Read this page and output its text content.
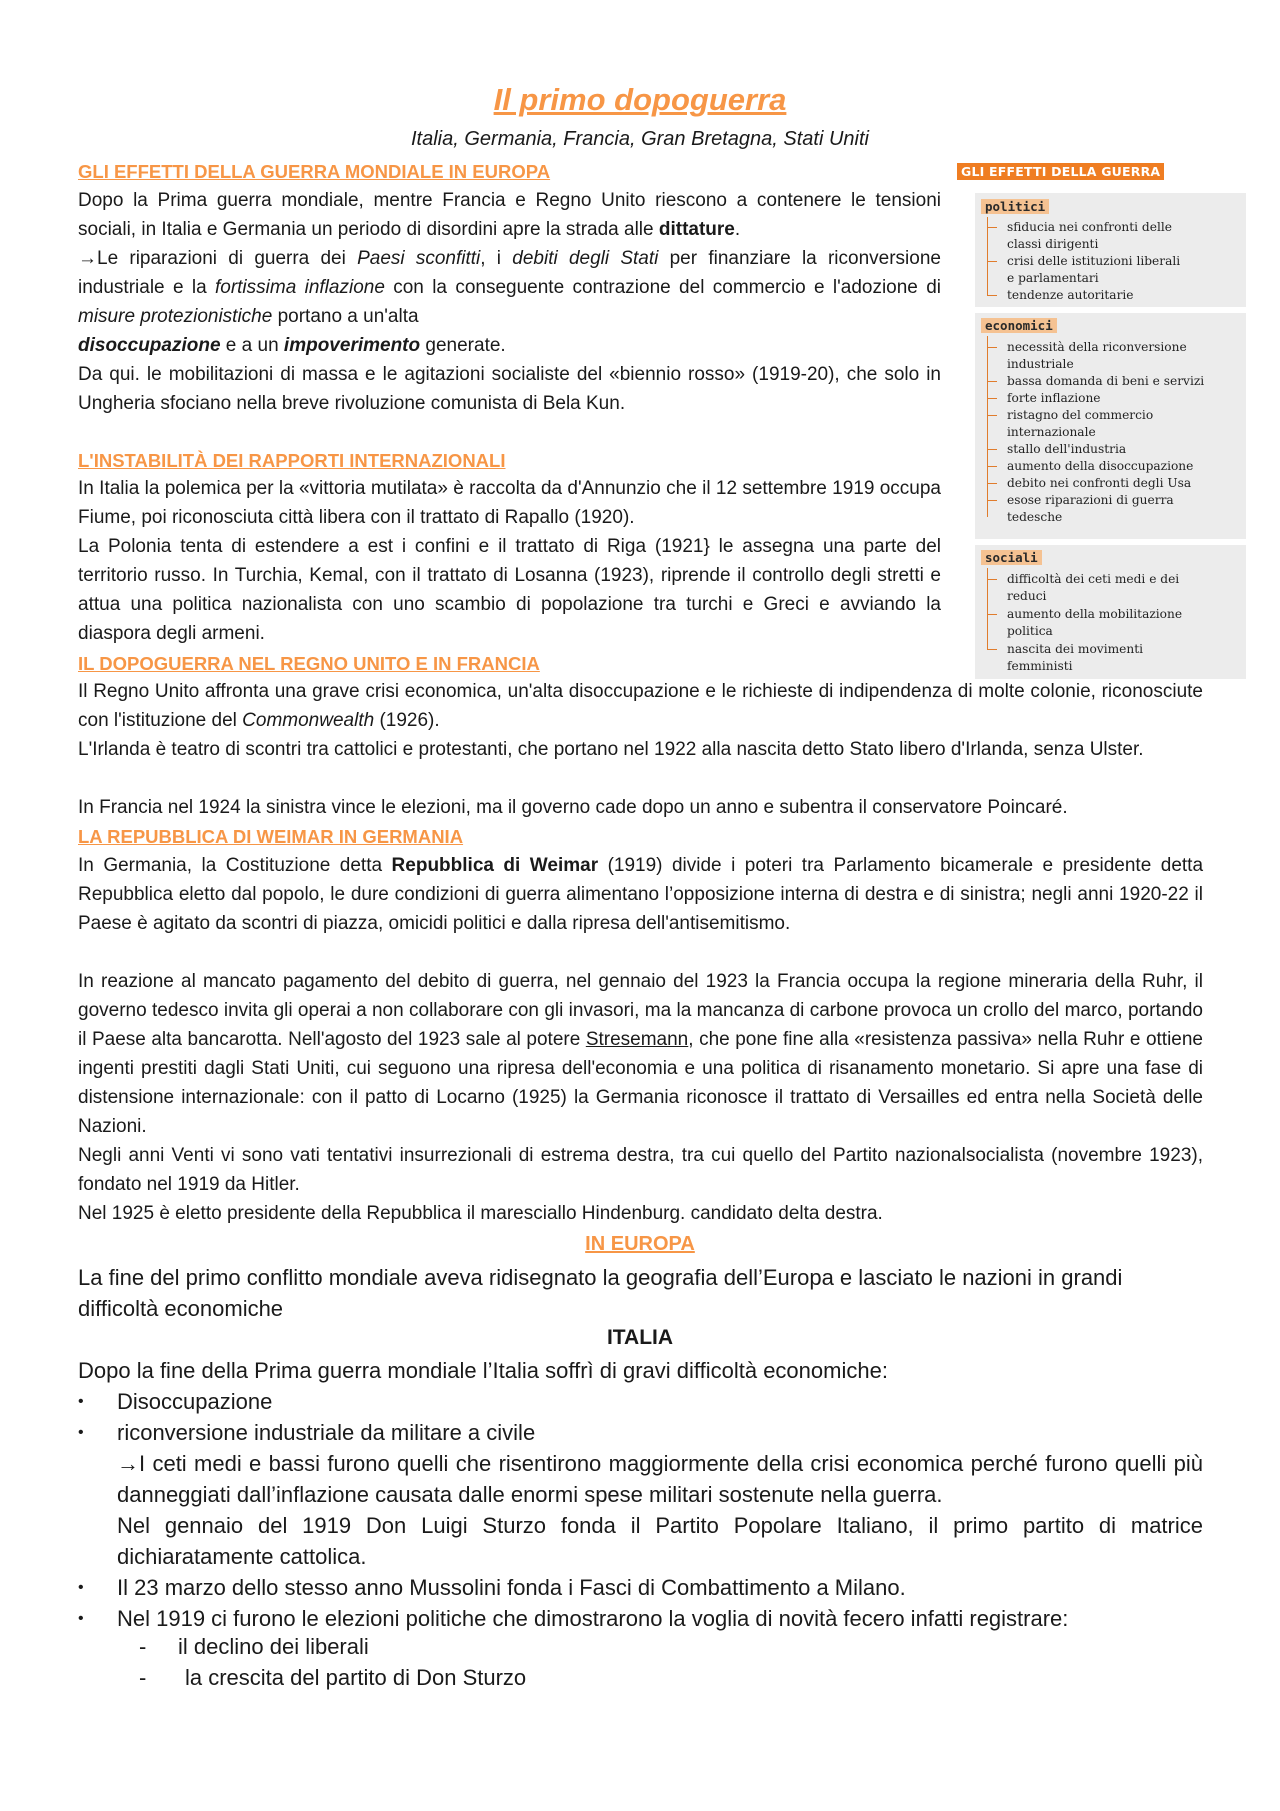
Il primo dopoguerra
Italia, Germania, Francia, Gran Bretagna, Stati Uniti
GLI EFFETTI DELLA GUERRA MONDIALE IN EUROPA
Dopo la Prima guerra mondiale, mentre Francia e Regno Unito riescono a contenere le tensioni sociali, in Italia e Germania un periodo di disordini apre la strada alle dittature.
→Le riparazioni di guerra dei Paesi sconfitti, i debiti degli Stati per finanziare la riconversione industriale e la fortissima inflazione con la conseguente contrazione del commercio e l'adozione di misure protezionistiche portano a un'alta
disoccupazione e a un impoverimento generate.
Da qui. le mobilitazioni di massa e le agitazioni socialiste del «biennio rosso» (1919-20), che solo in Ungheria sfociano nella breve rivoluzione comunista di Bela Kun.
L'INSTABILITÀ DEI RAPPORTI INTERNAZIONALI
In Italia la polemica per la «vittoria mutilata» è raccolta da d'Annunzio che il 12 settembre 1919 occupa Fiume, poi riconosciuta città libera con il trattato di Rapallo (1920).
La Polonia tenta di estendere a est i confini e il trattato di Riga (1921} le assegna una parte del territorio russo. In Turchia, Kemal, con il trattato di Losanna (1923), riprende il controllo degli stretti e attua una politica nazionalista con uno scambio di popolazione tra turchi e Greci e avviando la diaspora degli armeni.
IL DOPOGUERRA NEL REGNO UNITO E IN FRANCIA
Il Regno Unito affronta una grave crisi economica, un'alta disoccupazione e le richieste di indipendenza di molte colonie, riconosciute con l'istituzione del Commonwealth (1926).
L'Irlanda è teatro di scontri tra cattolici e protestanti, che portano nel 1922 alla nascita detto Stato libero d'Irlanda, senza Ulster.
In Francia nel 1924 la sinistra vince le elezioni, ma il governo cade dopo un anno e subentra il conservatore Poincaré.
LA REPUBBLICA DI WEIMAR IN GERMANIA
In Germania, la Costituzione detta Repubblica di Weimar (1919) divide i poteri tra Parlamento bicamerale e presidente detta Repubblica eletto dal popolo, le dure condizioni di guerra alimentano l’opposizione interna di destra e di sinistra; negli anni 1920-22 il Paese è agitato da scontri di piazza, omicidi politici e dalla ripresa dell'antisemitismo.
In reazione al mancato pagamento del debito di guerra, nel gennaio del 1923 la Francia occupa la regione mineraria della Ruhr, il governo tedesco invita gli operai a non collaborare con gli invasori, ma la mancanza di carbone provoca un crollo del marco, portando il Paese alta bancarotta. Nell'agosto del 1923 sale al potere Stresemann, che pone fine alla «resistenza passiva» nella Ruhr e ottiene ingenti prestiti dagli Stati Uniti, cui seguono una ripresa dell'economia e una politica di risanamento monetario. Si apre una fase di distensione internazionale: con il patto di Locarno (1925) la Germania riconosce il trattato di Versailles ed entra nella Società delle Nazioni.
Negli anni Venti vi sono vati tentativi insurrezionali di estrema destra, tra cui quello del Partito nazionalsocialista (novembre 1923), fondato nel 1919 da Hitler.
Nel 1925 è eletto presidente della Repubblica il maresciallo Hindenburg. candidato delta destra.
IN EUROPA
La fine del primo conflitto mondiale aveva ridisegnato la geografia dell’Europa e lasciato le nazioni in grandi difficoltà economiche
ITALIA
Dopo la fine della Prima guerra mondiale l’Italia soffrì di gravi difficoltà economiche:
• Disoccupazione
• riconversione industriale da militare a civile
→I ceti medi e bassi furono quelli che risentirono maggiormente della crisi economica perché furono quelli più danneggiati dall’inflazione causata dalle enormi spese militari sostenute nella guerra.
Nel gennaio del 1919 Don Luigi Sturzo fonda il Partito Popolare Italiano, il primo partito di matrice dichiaratamente cattolica.
• Il 23 marzo dello stesso anno Mussolini fonda i Fasci di Combattimento a Milano.
• Nel 1919 ci furono le elezioni politiche che dimostrarono la voglia di novità fecero infatti registrare:
- il declino dei liberali
- la crescita del partito di Don Sturzo
GLI EFFETTI DELLA GUERRA
politici
sfiducia nei confronti delle
classi dirigenti
crisi delle istituzioni liberali
e parlamentari
tendenze autoritarie
economici
necessità della riconversione
industriale
bassa domanda di beni e servizi
forte inflazione
ristagno del commercio
internazionale
stallo dell'industria
aumento della disoccupazione
debito nei confronti degli Usa
esose riparazioni di guerra
tedesche
sociali
difficoltà dei ceti medi e dei
reduci
aumento della mobilitazione
politica
nascita dei movimenti
femministi
